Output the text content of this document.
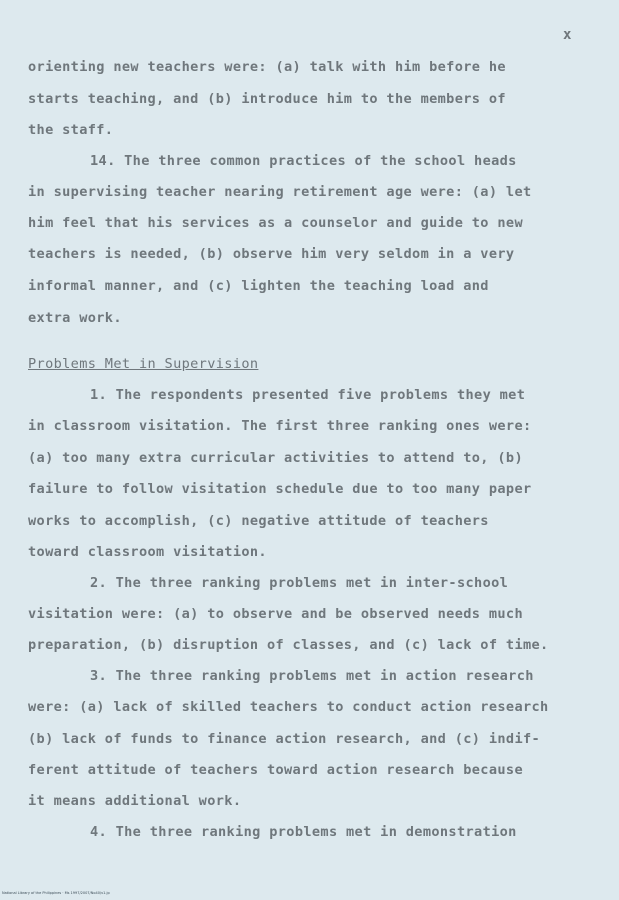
x
orienting new teachers were: (a) talk with him before he
starts teaching, and (b) introduce him to the members of
the staff.
14. The three common practices of the school heads
in supervising teacher nearing retirement age were: (a) let
him feel that his services as a counselor and guide to new
teachers is needed, (b) observe him very seldom in a very
informal manner, and (c) lighten the teaching load and
extra work.
Problems Met in Supervision
1. The respondents presented five problems they met
in classroom visitation. The first three ranking ones were:
(a) too many extra curricular activities to attend to, (b)
failure to follow visitation schedule due to too many paper
works to accomplish, (c) negative attitude of teachers
toward classroom visitation.
2. The three ranking problems met in inter-school
visitation were: (a) to observe and be observed needs much
preparation, (b) disruption of classes, and (c) lack of time.
3. The three ranking problems met in action research
were: (a) lack of skilled teachers to conduct action research
(b) lack of funds to finance action research, and (c) indif-
ferent attitude of teachers toward action research because
it means additional work.
4. The three ranking problems met in demonstration
National Library of the Philippines · Ms 1997/2007/No40/v1.jp
